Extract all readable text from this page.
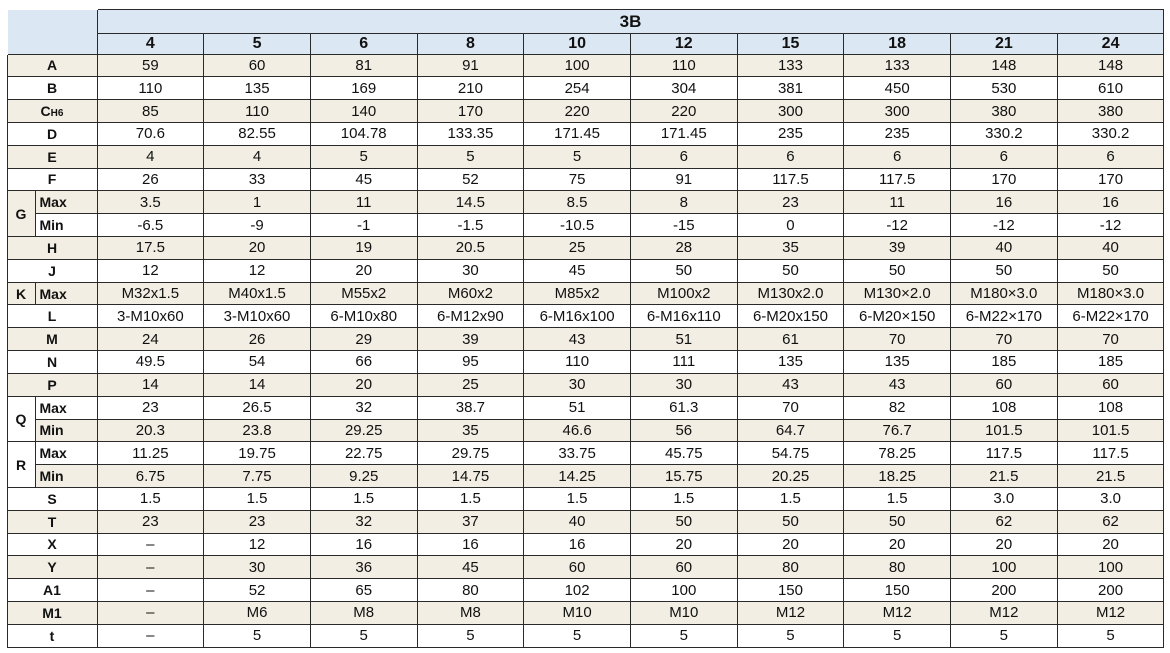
		3B									
		4	5	6	8	10	12	15	18	21	24
A		59	60	81	91	100	110	133	133	148	148
B		110	135	169	210	254	304	381	450	530	610
CH6		85	110	140	170	220	220	300	300	380	380
D		70.6	82.55	104.78	133.35	171.45	171.45	235	235	330.2	330.2
E		4	4	5	5	5	6	6	6	6	6
F		26	33	45	52	75	91	117.5	117.5	170	170
G	Max	3.5	1	11	14.5	8.5	8	23	11	16	16
	Min	-6.5	-9	-1	-1.5	-10.5	-15	0	-12	-12	-12
H		17.5	20	19	20.5	25	28	35	39	40	40
J		12	12	20	30	45	50	50	50	50	50
K	Max	M32x1.5	M40x1.5	M55x2	M60x2	M85x2	M100x2	M130x2.0	M130×2.0	M180×3.0	M180×3.0
L		3-M10x60	3-M10x60	6-M10x80	6-M12x90	6-M16x100	6-M16x110	6-M20x150	6-M20×150	6-M22×170	6-M22×170
M		24	26	29	39	43	51	61	70	70	70
N		49.5	54	66	95	110	111	135	135	185	185
P		14	14	20	25	30	30	43	43	60	60
Q	Max	23	26.5	32	38.7	51	61.3	70	82	108	108
	Min	20.3	23.8	29.25	35	46.6	56	64.7	76.7	101.5	101.5
R	Max	11.25	19.75	22.75	29.75	33.75	45.75	54.75	78.25	117.5	117.5
	Min	6.75	7.75	9.25	14.75	14.25	15.75	20.25	18.25	21.5	21.5
S		1.5	1.5	1.5	1.5	1.5	1.5	1.5	1.5	3.0	3.0
T		23	23	32	37	40	50	50	50	62	62
X		–	12	16	16	16	20	20	20	20	20
Y		–	30	36	45	60	60	80	80	100	100
A1		–	52	65	80	102	100	150	150	200	200
M1		–	M6	M8	M8	M10	M10	M12	M12	M12	M12
t		–	5	5	5	5	5	5	5	5	5
